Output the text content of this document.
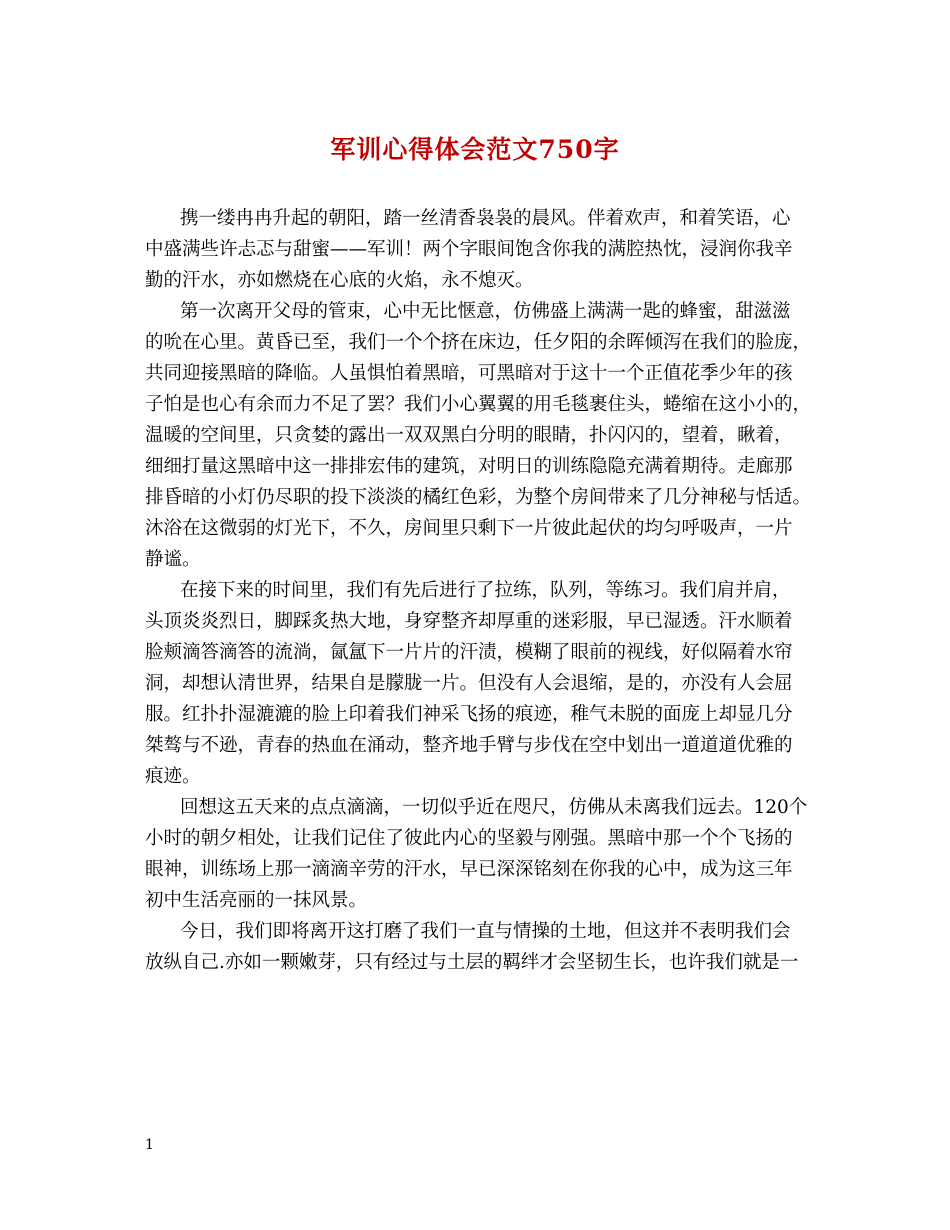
军训心得体会范文750字
携一缕冉冉升起的朝阳，踏一丝清香袅袅的晨风。伴着欢声，和着笑语，心
中盛满些许忐忑与甜蜜——军训！两个字眼间饱含你我的满腔热忱，浸润你我辛
勤的汗水，亦如燃烧在心底的火焰，永不熄灭。
第一次离开父母的管束，心中无比惬意，仿佛盛上满满一匙的蜂蜜，甜滋滋
的吮在心里。黄昏已至，我们一个个挤在床边，任夕阳的余晖倾泻在我们的脸庞，
共同迎接黑暗的降临。人虽惧怕着黑暗，可黑暗对于这十一个正值花季少年的孩
子怕是也心有余而力不足了罢？我们小心翼翼的用毛毯裹住头，蜷缩在这小小的，
温暖的空间里，只贪婪的露出一双双黑白分明的眼睛，扑闪闪的，望着，瞅着，
细细打量这黑暗中这一排排宏伟的建筑，对明日的训练隐隐充满着期待。走廊那
排昏暗的小灯仍尽职的投下淡淡的橘红色彩，为整个房间带来了几分神秘与恬适。
沐浴在这微弱的灯光下，不久，房间里只剩下一片彼此起伏的均匀呼吸声，一片
静谧。
在接下来的时间里，我们有先后进行了拉练，队列，等练习。我们肩并肩，
头顶炎炎烈日，脚踩炙热大地，身穿整齐却厚重的迷彩服，早已湿透。汗水顺着
脸颊滴答滴答的流淌，氤氲下一片片的汗渍，模糊了眼前的视线，好似隔着水帘
洞，却想认清世界，结果自是朦胧一片。但没有人会退缩，是的，亦没有人会屈
服。红扑扑湿漉漉的脸上印着我们神采飞扬的痕迹，稚气未脱的面庞上却显几分
桀骜与不逊，青春的热血在涌动，整齐地手臂与步伐在空中划出一道道道优雅的
痕迹。
回想这五天来的点点滴滴，一切似乎近在咫尺，仿佛从未离我们远去。120个
小时的朝夕相处，让我们记住了彼此内心的坚毅与刚强。黑暗中那一个个飞扬的
眼神，训练场上那一滴滴辛劳的汗水，早已深深铭刻在你我的心中，成为这三年
初中生活亮丽的一抹风景。
今日，我们即将离开这打磨了我们一直与情操的土地，但这并不表明我们会
放纵自己.亦如一颗嫩芽，只有经过与土层的羁绊才会坚韧生长，也许我们就是一
1
